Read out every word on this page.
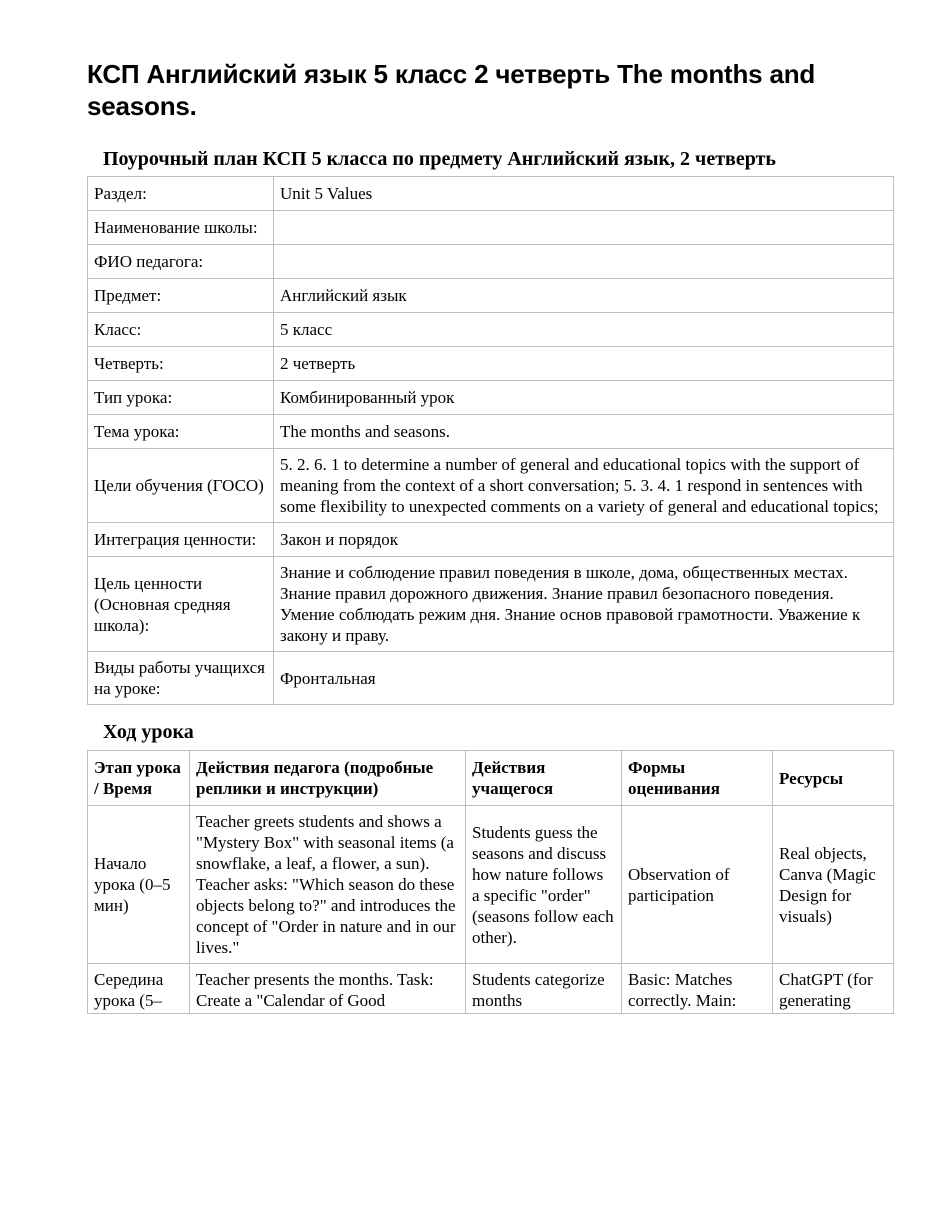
КСП Английский язык 5 класс 2 четверть The months and seasons.
Поурочный план КСП 5 класса по предмету Английский язык, 2 четверть
Раздел:	Unit 5 Values
Наименование школы:	
ФИО педагога:	
Предмет:	Английский язык
Класс:	5 класс
Четверть:	2 четверть
Тип урока:	Комбинированный урок
Тема урока:	The months and seasons.
Цели обучения (ГОСО)	5. 2. 6. 1 to determine a number of general and educational topics with the support of meaning from the context of a short conversation; 5. 3. 4. 1 respond in sentences with some flexibility to unexpected comments on a variety of general and educational topics;
Интеграция ценности:	Закон и порядок
Цель ценности (Основная средняя школа):	Знание и соблюдение правил поведения в школе, дома, общественных местах. Знание правил дорожного движения. Знание правил безопасного поведения. Умение соблюдать режим дня. Знание основ правовой грамотности. Уважение к закону и праву.
Виды работы учащихся на уроке:	Фронтальная
Ход урока
Этап урока / Время	Действия педагога (подробные реплики и инструкции)	Действия учащегося	Формы оценивания	Ресурсы
Начало урока (0–5 мин)	Teacher greets students and shows a "Mystery Box" with seasonal items (a snowflake, a leaf, a flower, a sun). Teacher asks: "Which season do these objects belong to?" and introduces the concept of "Order in nature and in our lives."	Students guess the seasons and discuss how nature follows a specific "order" (seasons follow each other).	Observation of participation	Real objects, Canva (Magic Design for visuals)
Середина урока (5–	Teacher presents the months. Task: Create a "Calendar of Good	Students categorize months	Basic: Matches correctly. Main:	ChatGPT (for generating
